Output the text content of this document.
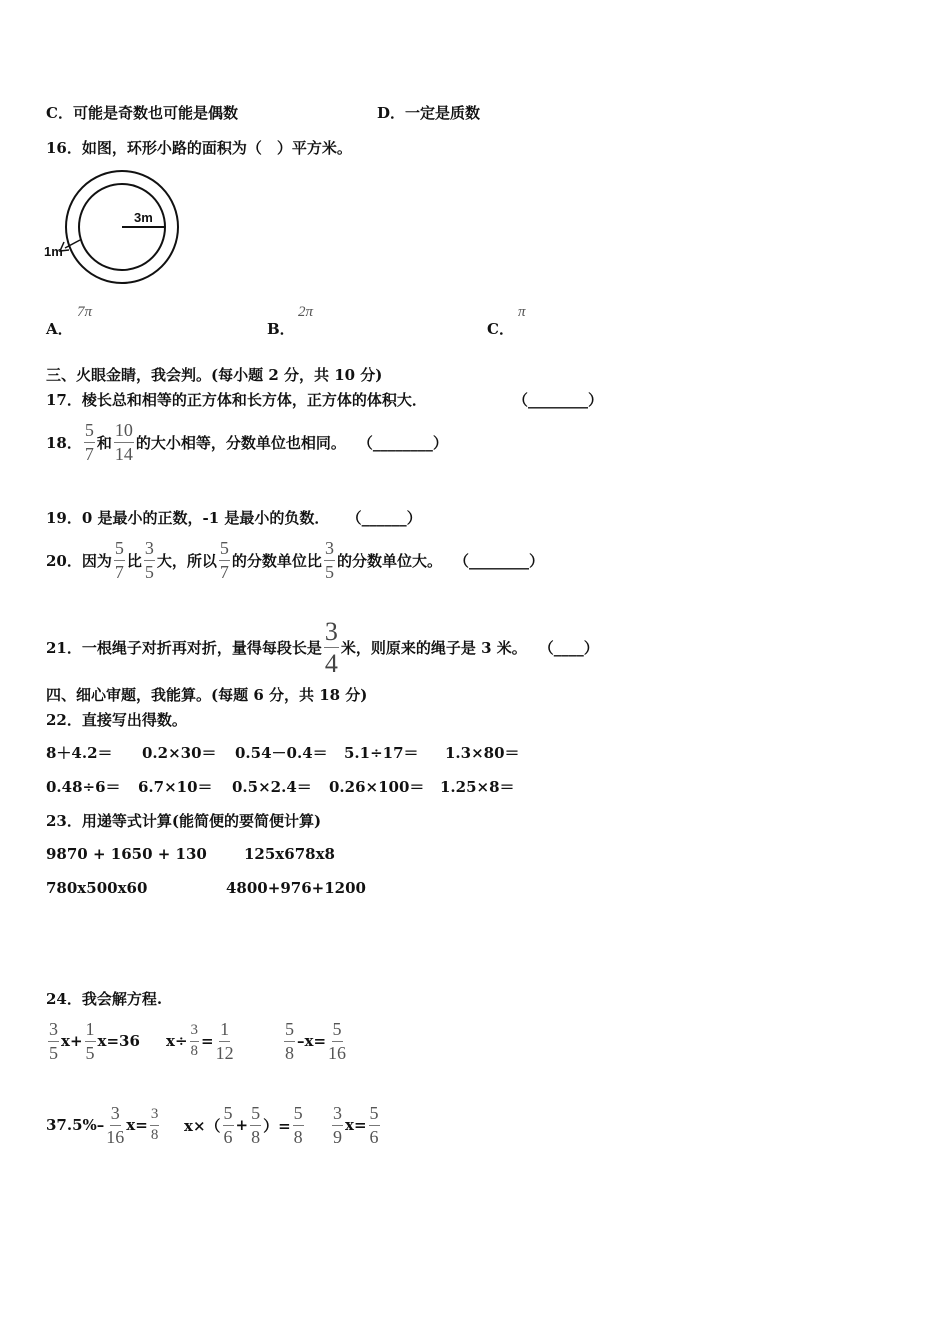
C．可能是奇数也可能是偶数	D．一定是质数
16．如图，环形小路的面积为（　）平方米。
3m
1m
A．
7π
B．
2π
C．
π
三、火眼金睛，我会判。(每小题 2 分，共 10 分)
17．棱长总和相等的正方体和长方体，正方体的体积大．	（________）
18． $\frac{5}{7}$ 和 $\frac{10}{14}$ 的大小相等，分数单位也相同。 （________）
19．0 是最小的正数，-1 是最小的负数． （______）
20． 因为 $\frac{5}{7}$ 比 $\frac{3}{5}$ 大，所以 $\frac{5}{7}$ 的分数单位比 $\frac{3}{5}$ 的分数单位大。 （________）
21． 一根绳子对折再对折，量得每段长是 $\frac{3}{4}$ 米，则原来的绳子是 3 米。 （____）
四、细心审题，我能算。(每题 6 分，共 18 分)
22．直接写出得数。
8＋4.2＝ 0.2×30＝ 0.54－0.4＝ 5.1÷17＝ 1.3×80＝
0.48÷6＝ 6.7×10＝ 0.5×2.4＝ 0.26×100＝ 1.25×8＝
23．用递等式计算(能简便的要简便计算)
9870 + 1650 + 130 125x678x8
780x500x60	4800+976+1200
24．我会解方程.
$\frac{3}{5} x+ \frac{1}{5} x=36$ $x\div \frac{3}{8} = \frac{1}{12}$	$\frac{5}{8} -x= \frac{5}{16}$
$37.5\%- \frac{3}{16} x= \frac{3}{8} x\times( \frac{5}{6} + \frac{5}{8}$ ）= $\frac{5}{8} \frac{3}{9} x= \frac{5}{6}$
